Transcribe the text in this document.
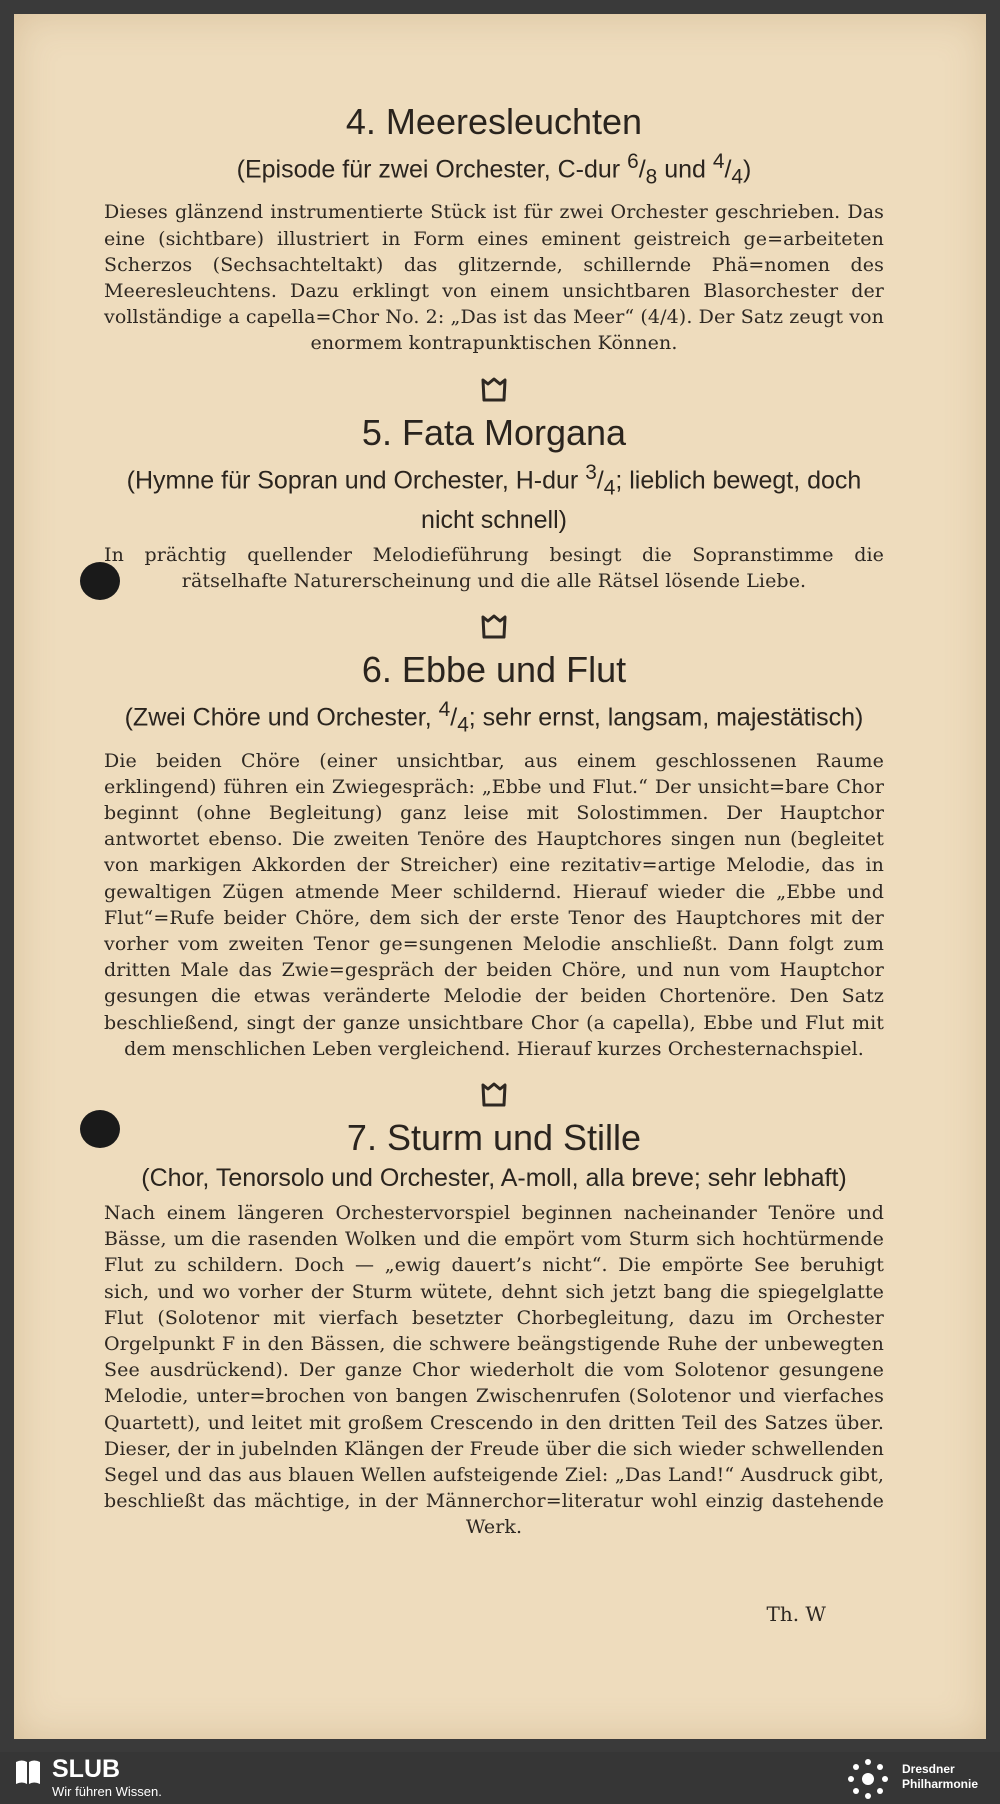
4. Meeresleuchten
(Episode für zwei Orchester, C-dur $^6/_8$ und $^4/_4$)

Dieses glänzend instrumentierte Stück ist für zwei Orchester geschrieben. Das eine (sichtbare) illustriert in Form eines eminent geistreich ge=arbeiteten Scherzos (Sechsachteltakt) das glitzernde, schillernde Phä=nomen des Meeresleuchtens. Dazu erklingt von einem unsichtbaren Blasorchester der vollständige a capella=Chor No. 2: „Das ist das Meer“ (4/4). Der Satz zeugt von enormem kontrapunktischen Können.

5. Fata Morgana
(Hymne für Sopran und Orchester, H-dur $^3/_4$; lieblich bewegt, doch nicht schnell)

In prächtig quellender Melodieführung besingt die Sopranstimme die rätselhafte Naturerscheinung und die alle Rätsel lösende Liebe.

6. Ebbe und Flut
(Zwei Chöre und Orchester, $^4/_4$; sehr ernst, langsam, majestätisch)

Die beiden Chöre (einer unsichtbar, aus einem geschlossenen Raume erklingend) führen ein Zwiegespräch: „Ebbe und Flut.“ Der unsicht=bare Chor beginnt (ohne Begleitung) ganz leise mit Solostimmen. Der Hauptchor antwortet ebenso. Die zweiten Tenöre des Hauptchores singen nun (begleitet von markigen Akkorden der Streicher) eine rezitativ=artige Melodie, das in gewaltigen Zügen atmende Meer schildernd. Hierauf wieder die „Ebbe und Flut“=Rufe beider Chöre, dem sich der erste Tenor des Hauptchores mit der vorher vom zweiten Tenor ge=sungenen Melodie anschließt. Dann folgt zum dritten Male das Zwie=gespräch der beiden Chöre, und nun vom Hauptchor gesungen die etwas veränderte Melodie der beiden Chortenöre. Den Satz beschließend, singt der ganze unsichtbare Chor (a capella), Ebbe und Flut mit dem menschlichen Leben vergleichend. Hierauf kurzes Orchesternachspiel.

7. Sturm und Stille
(Chor, Tenorsolo und Orchester, A-moll, alla breve; sehr lebhaft)

Nach einem längeren Orchestervorspiel beginnen nacheinander Tenöre und Bässe, um die rasenden Wolken und die empört vom Sturm sich hochtürmende Flut zu schildern. Doch — „ewig dauert’s nicht“. Die empörte See beruhigt sich, und wo vorher der Sturm wütete, dehnt sich jetzt bang die spiegelglatte Flut (Solotenor mit vierfach besetzter Chorbegleitung, dazu im Orchester Orgelpunkt F in den Bässen, die schwere beängstigende Ruhe der unbewegten See ausdrückend). Der ganze Chor wiederholt die vom Solotenor gesungene Melodie, unter=brochen von bangen Zwischenrufen (Solotenor und vierfaches Quartett), und leitet mit großem Crescendo in den dritten Teil des Satzes über. Dieser, der in jubelnden Klängen der Freude über die sich wieder schwellenden Segel und das aus blauen Wellen aufsteigende Ziel: „Das Land!“ Ausdruck gibt, beschließt das mächtige, in der Männerchor=literatur wohl einzig dastehende Werk.

Th. W
SLUB
Wir führen Wissen.
Dresdner
Philharmonie
